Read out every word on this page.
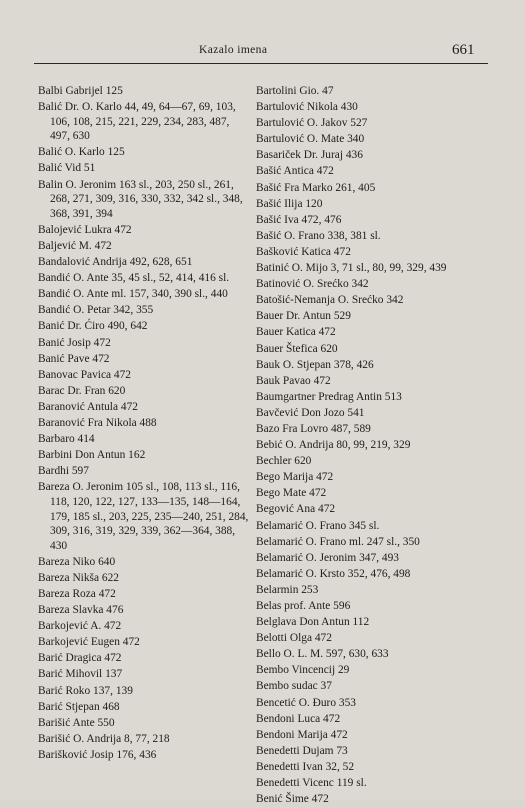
Kazalo imena	661
Balbi Gabrijel 125
Balić Dr. O. Karlo 44, 49, 64—67, 69, 103, 106, 108, 215, 221, 229, 234, 283, 487, 497, 630
Balić O. Karlo 125
Balić Vid 51
Balin O. Jeronim 163 sl., 203, 250 sl., 261, 268, 271, 309, 316, 330, 332, 342 sl., 348, 368, 391, 394
Balojević Lukra 472
Baljević M. 472
Bandalović Andrija 492, 628, 651
Bandić O. Ante 35, 45 sl., 52, 414, 416 sl.
Bandić O. Ante ml. 157, 340, 390 sl., 440
Bandić O. Petar 342, 355
Banić Dr. Ćiro 490, 642
Banić Josip 472
Banić Pave 472
Banovac Pavica 472
Barac Dr. Fran 620
Baranović Antula 472
Baranović Fra Nikola 488
Barbaro 414
Barbini Don Antun 162
Bardhi 597
Bareza O. Jeronim 105 sl., 108, 113 sl., 116, 118, 120, 122, 127, 133—135, 148—164, 179, 185 sl., 203, 225, 235—240, 251, 284, 309, 316, 319, 329, 339, 362—364, 388, 430
Bareza Niko 640
Bareza Nikša 622
Bareza Roza 472
Bareza Slavka 476
Barkojević A. 472
Barkojević Eugen 472
Barić Dragica 472
Barić Mihovil 137
Barić Roko 137, 139
Barić Stjepan 468
Barišić Ante 550
Barišić O. Andrija 8, 77, 218
Barišković Josip 176, 436
Bartolini Gio. 47
Bartulović Nikola 430
Bartulović O. Jakov 527
Bartulović O. Mate 340
Basariček Dr. Juraj 436
Bašić Antica 472
Bašić Fra Marko 261, 405
Bašić Ilija 120
Bašić Iva 472, 476
Bašić O. Frano 338, 381 sl.
Bašković Katica 472
Batinić O. Mijo 3, 71 sl., 80, 99, 329, 439
Batinović O. Srećko 342
Batošić-Nemanja O. Srećko 342
Bauer Dr. Antun 529
Bauer Katica 472
Bauer Štefica 620
Bauk O. Stjepan 378, 426
Bauk Pavao 472
Baumgartner Predrag Antin 513
Bavčević Don Jozo 541
Bazo Fra Lovro 487, 589
Bebić O. Andrija 80, 99, 219, 329
Bechler 620
Bego Marija 472
Bego Mate 472
Begović Ana 472
Belamarić O. Frano 345 sl.
Belamarić O. Frano ml. 247 sl., 350
Belamarić O. Jeronim 347, 493
Belamarić O. Krsto 352, 476, 498
Belarmin 253
Belas prof. Ante 596
Belglava Don Antun 112
Belotti Olga 472
Bello O. L. M. 597, 630, 633
Bembo Vincencij 29
Bembo sudac 37
Bencetić O. Đuro 353
Bendoni Luca 472
Bendoni Marija 472
Benedetti Dujam 73
Benedetti Ivan 32, 52
Benedetti Vicenc 119 sl.
Benić Šime 472
